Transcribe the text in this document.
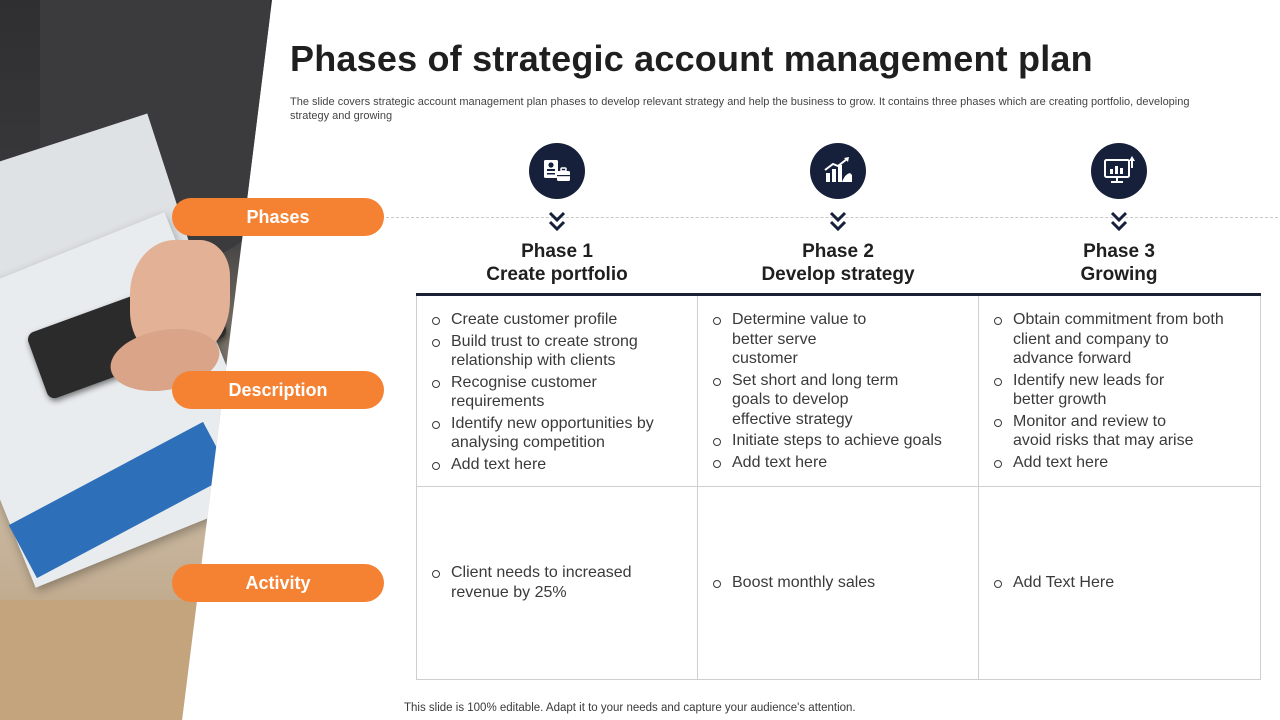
Phases of strategic account management plan
The slide covers strategic account management plan phases to develop relevant strategy and help the business to grow. It contains three phases which are creating portfolio, developing strategy and growing
Phases
Description
Activity
Phase 1
Create portfolio
Phase 2
Develop strategy
Phase 3
Growing
Create customer profile
Build trust to create strong relationship with clients
Recognise customer requirements
Identify new opportunities by analysing competition
Add text here
Determine value to better serve customer
Set short and long term goals to develop effective strategy
Initiate steps to achieve goals
Add text here
Obtain commitment from both client and company to advance forward
Identify new leads for better growth
Monitor and review to avoid risks that may arise
Add text here
Client needs to increased revenue by 25%
Boost monthly sales	Add Text Here
This slide is 100% editable. Adapt it to your needs and capture your audience's attention.
